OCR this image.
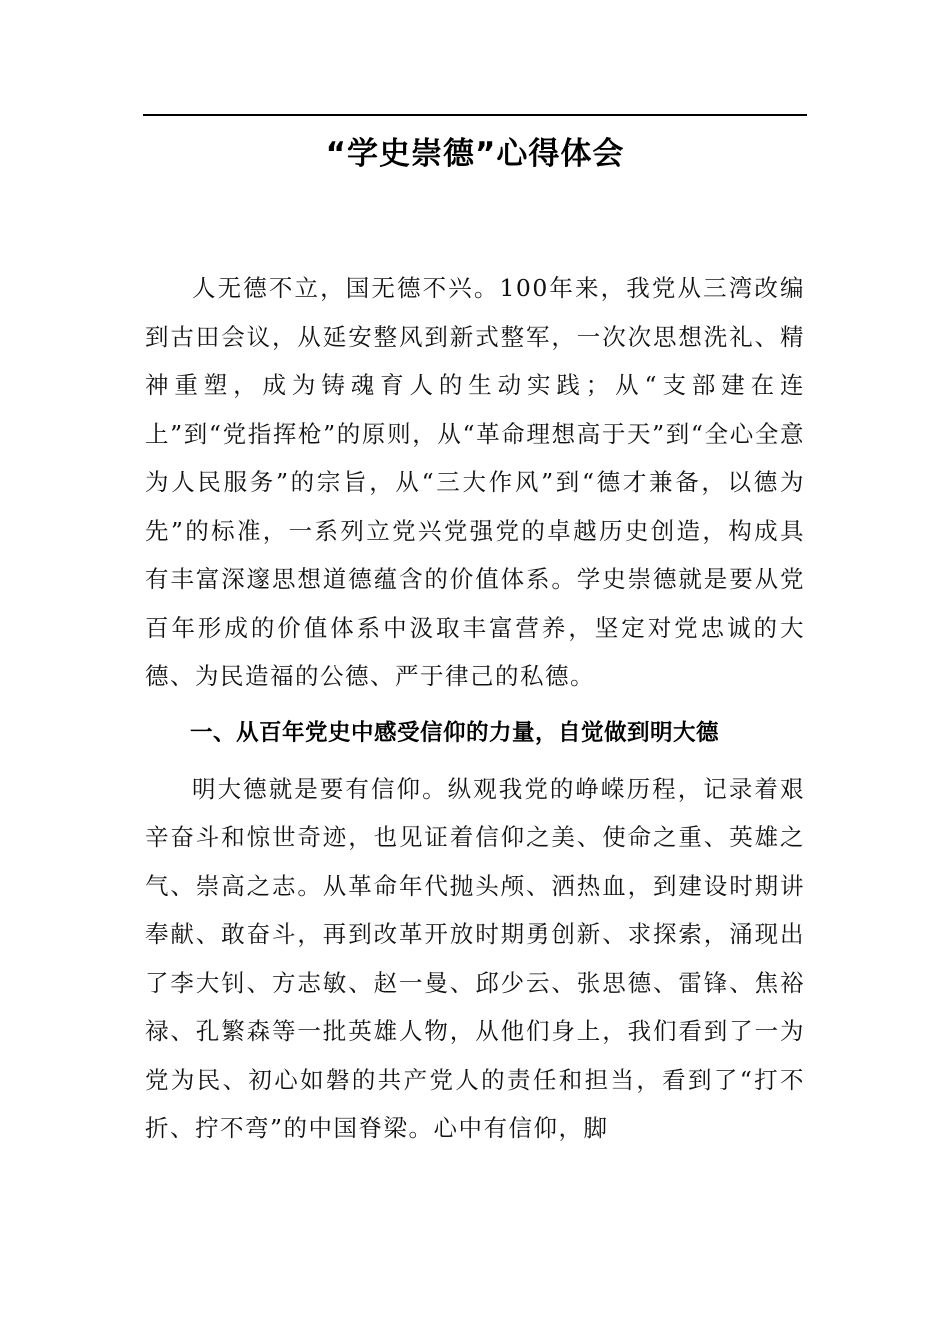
“学史崇德”心得体会

人无德不立，国无德不兴。100年来，我党从三湾改编到古田会议，从延安整风到新式整军，一次次思想洗礼、精神重塑，成为铸魂育人的生动实践；从“支部建在连上”到“党指挥枪”的原则，从“革命理想高于天”到“全心全意为人民服务”的宗旨，从“三大作风”到“德才兼备，以德为先”的标准，一系列立党兴党强党的卓越历史创造，构成具有丰富深邃思想道德蕴含的价值体系。学史崇德就是要从党百年形成的价值体系中汲取丰富营养，坚定对党忠诚的大德、为民造福的公德、严于律己的私德。

一、从百年党史中感受信仰的力量，自觉做到明大德

明大德就是要有信仰。纵观我党的峥嵘历程，记录着艰辛奋斗和惊世奇迹，也见证着信仰之美、使命之重、英雄之气、崇高之志。从革命年代抛头颅、洒热血，到建设时期讲奉献、敢奋斗，再到改革开放时期勇创新、求探索，涌现出了李大钊、方志敏、赵一曼、邱少云、张思德、雷锋、焦裕禄、孔繁森等一批英雄人物，从他们身上，我们看到了一为党为民、初心如磐的共产党人的责任和担当，看到了“打不折、拧不弯”的中国脊梁。心中有信仰，脚
